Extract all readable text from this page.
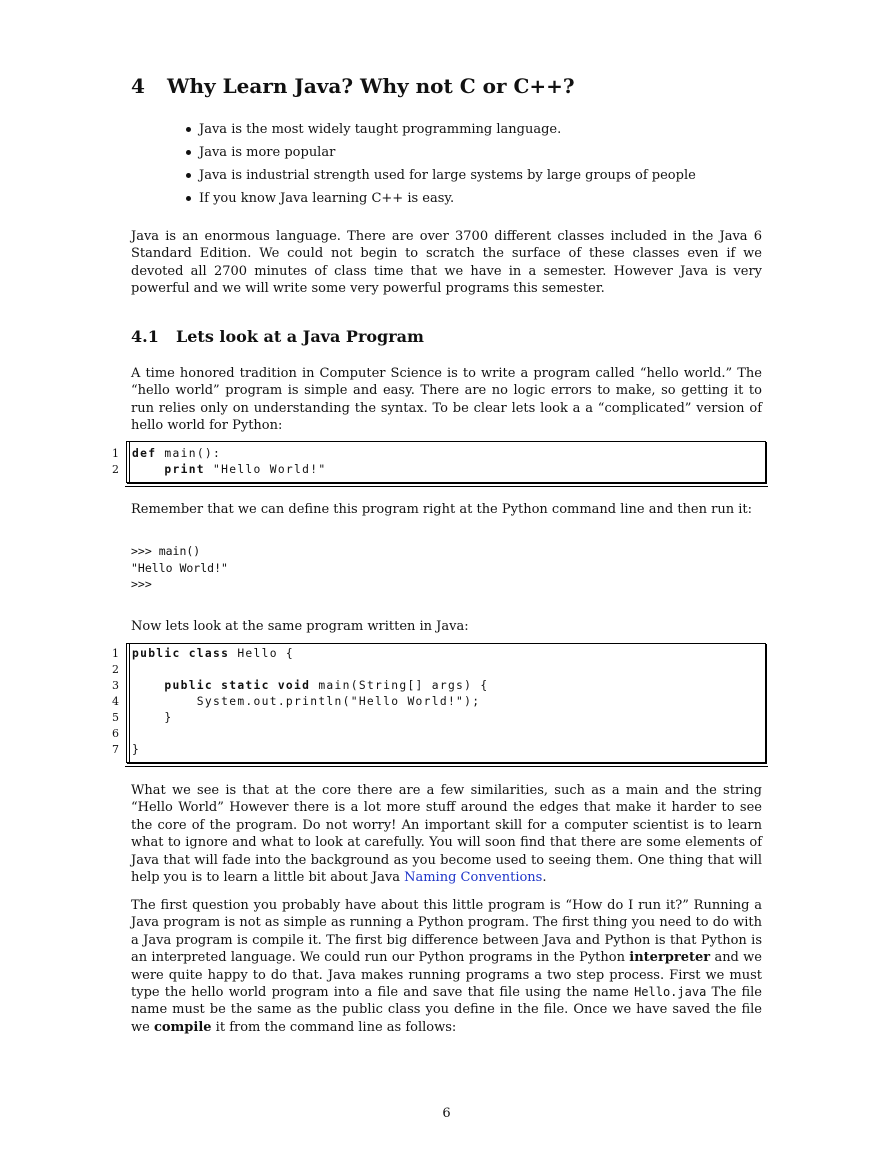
4 Why Learn Java? Why not C or C++?
Java is the most widely taught programming language.
Java is more popular
Java is industrial strength used for large systems by large groups of people
If you know Java learning C++ is easy.

Java is an enormous language. There are over 3700 different classes included in the Java 6 Standard Edition. We could not begin to scratch the surface of these classes even if we devoted all 2700 minutes of class time that we have in a semester. However Java is very powerful and we will write some very powerful programs this semester.

4.1 Lets look at a Java Program

A time honored tradition in Computer Science is to write a program called “hello world.” The “hello world” program is simple and easy. There are no logic errors to make, so getting it to run relies only on understanding the syntax. To be clear lets look a a “complicated” version of hello world for Python:

1
2
def main():
print "Hello World!"

Remember that we can define this program right at the Python command line and then run it:

>>> main()
"Hello World!"
>>>

Now lets look at the same program written in Java:

1
2
3
4
5
6
7
public class Hello {
public static void main(String[] args) {
System.out.println("Hello World!");
}
}

What we see is that at the core there are a few similarities, such as a main and the string “Hello World” However there is a lot more stuff around the edges that make it harder to see the core of the program. Do not worry! An important skill for a computer scientist is to learn what to ignore and what to look at carefully. You will soon find that there are some elements of Java that will fade into the background as you become used to seeing them. One thing that will help you is to learn a little bit about Java Naming Conventions.

The first question you probably have about this little program is “How do I run it?” Running a Java program is not as simple as running a Python program. The first thing you need to do with a Java program is compile it. The first big difference between Java and Python is that Python is an interpreted language. We could run our Python programs in the Python interpreter and we were quite happy to do that. Java makes running programs a two step process. First we must type the hello world program into a file and save that file using the name Hello.java The file name must be the same as the public class you define in the file. Once we have saved the file we compile it from the command line as follows:

6
